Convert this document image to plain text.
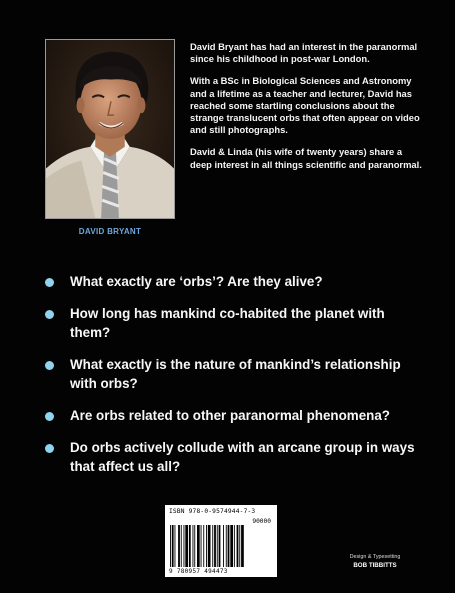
DAVID BRYANT

David Bryant has had an interest in the paranormal since his childhood in post-war London.

With a BSc in Biological Sciences and Astronomy and a lifetime as a teacher and lecturer, David has reached some startling conclusions about the strange translucent orbs that often appear on video and still photographs.

David & Linda (his wife of twenty years) share a deep interest in all things scientific and paranormal.

What exactly are ‘orbs’? Are they alive?
How long has mankind co-habited the planet with them?
What exactly is the nature of mankind’s relationship with orbs?
Are orbs related to other paranormal phenomena?
Do orbs actively collude with an arcane group in ways that affect us all?
ISBN 978-0-9574944-7-3
90000
9 780957 494473
Design & Typesetting
BOB TIBBITTS
